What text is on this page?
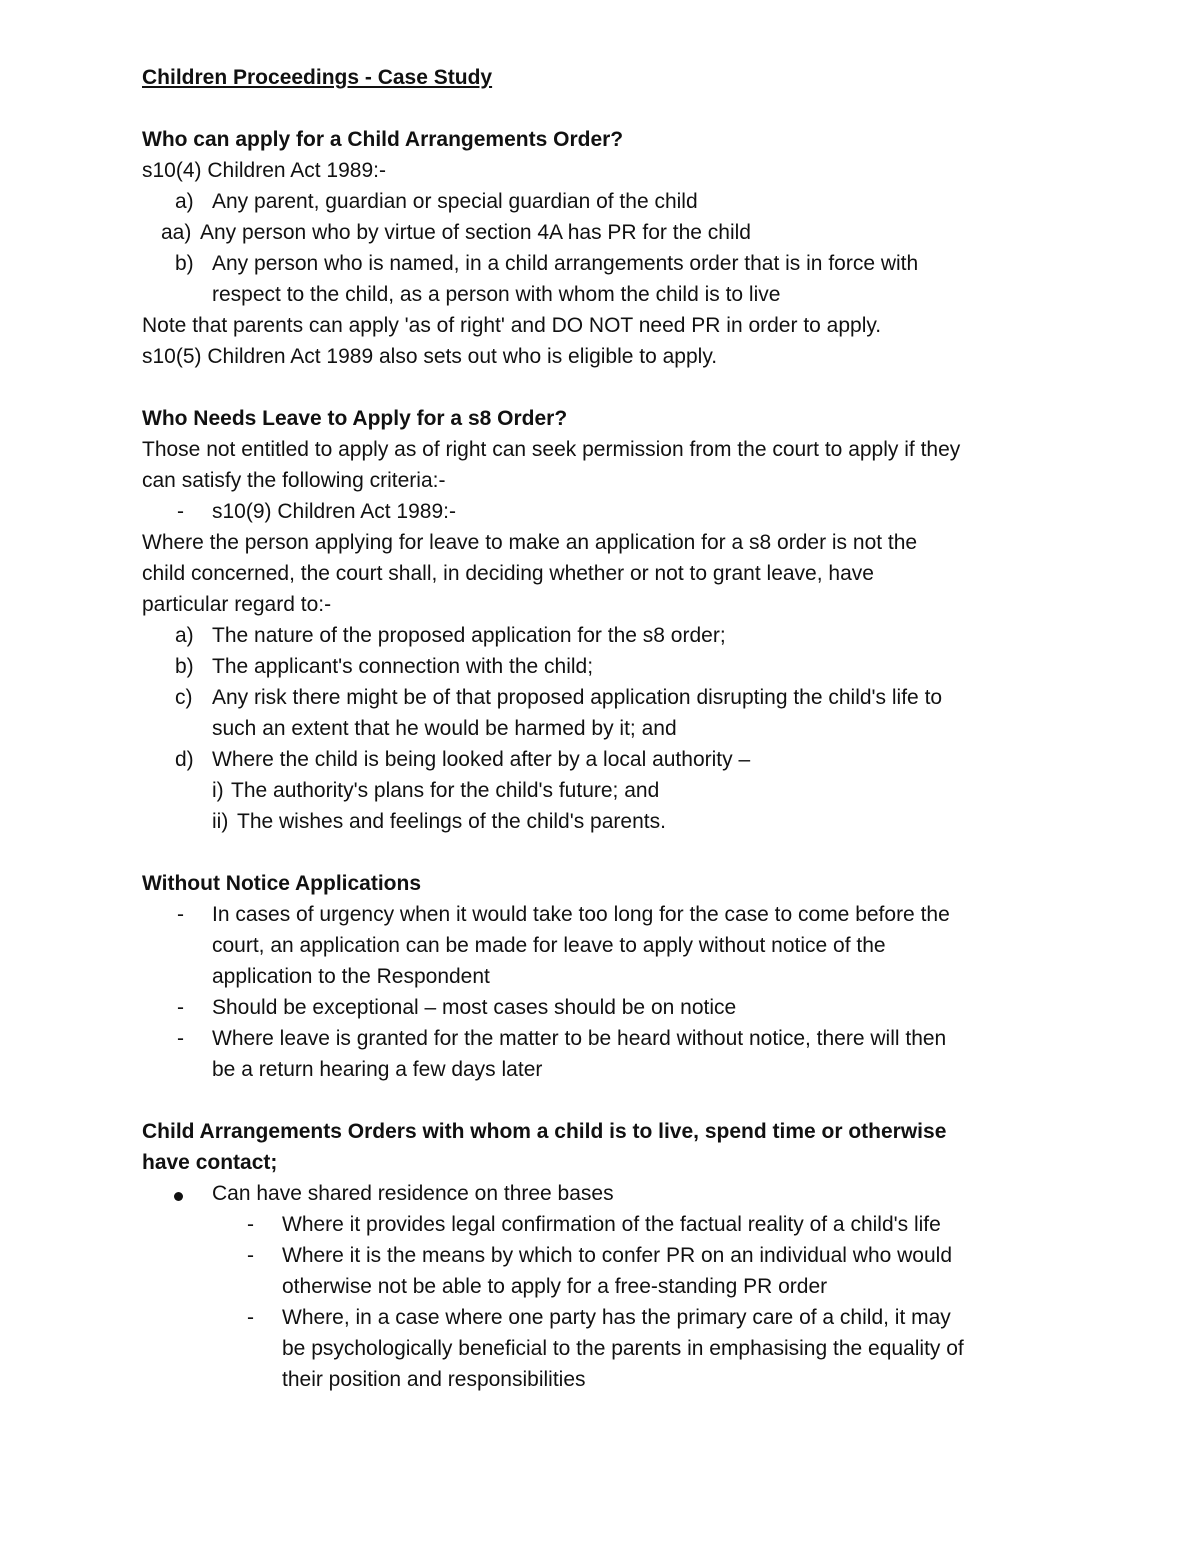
Children Proceedings - Case Study
Who can apply for a Child Arrangements Order?
s10(4) Children Act 1989:-
a) Any parent, guardian or special guardian of the child
aa) Any person who by virtue of section 4A has PR for the child
b) Any person who is named, in a child arrangements order that is in force with
respect to the child, as a person with whom the child is to live
Note that parents can apply 'as of right' and DO NOT need PR in order to apply.
s10(5) Children Act 1989 also sets out who is eligible to apply.
Who Needs Leave to Apply for a s8 Order?
Those not entitled to apply as of right can seek permission from the court to apply if they
can satisfy the following criteria:-
- s10(9) Children Act 1989:-
Where the person applying for leave to make an application for a s8 order is not the
child concerned, the court shall, in deciding whether or not to grant leave, have
particular regard to:-
a) The nature of the proposed application for the s8 order;
b) The applicant's connection with the child;
c) Any risk there might be of that proposed application disrupting the child's life to
such an extent that he would be harmed by it; and
d) Where the child is being looked after by a local authority –
i) The authority's plans for the child's future; and
ii) The wishes and feelings of the child's parents.
Without Notice Applications
- In cases of urgency when it would take too long for the case to come before the
court, an application can be made for leave to apply without notice of the
application to the Respondent
- Should be exceptional – most cases should be on notice
- Where leave is granted for the matter to be heard without notice, there will then
be a return hearing a few days later
Child Arrangements Orders with whom a child is to live, spend time or otherwise
have contact;
Can have shared residence on three bases
- Where it provides legal confirmation of the factual reality of a child's life
- Where it is the means by which to confer PR on an individual who would
otherwise not be able to apply for a free-standing PR order
- Where, in a case where one party has the primary care of a child, it may
be psychologically beneficial to the parents in emphasising the equality of
their position and responsibilities
